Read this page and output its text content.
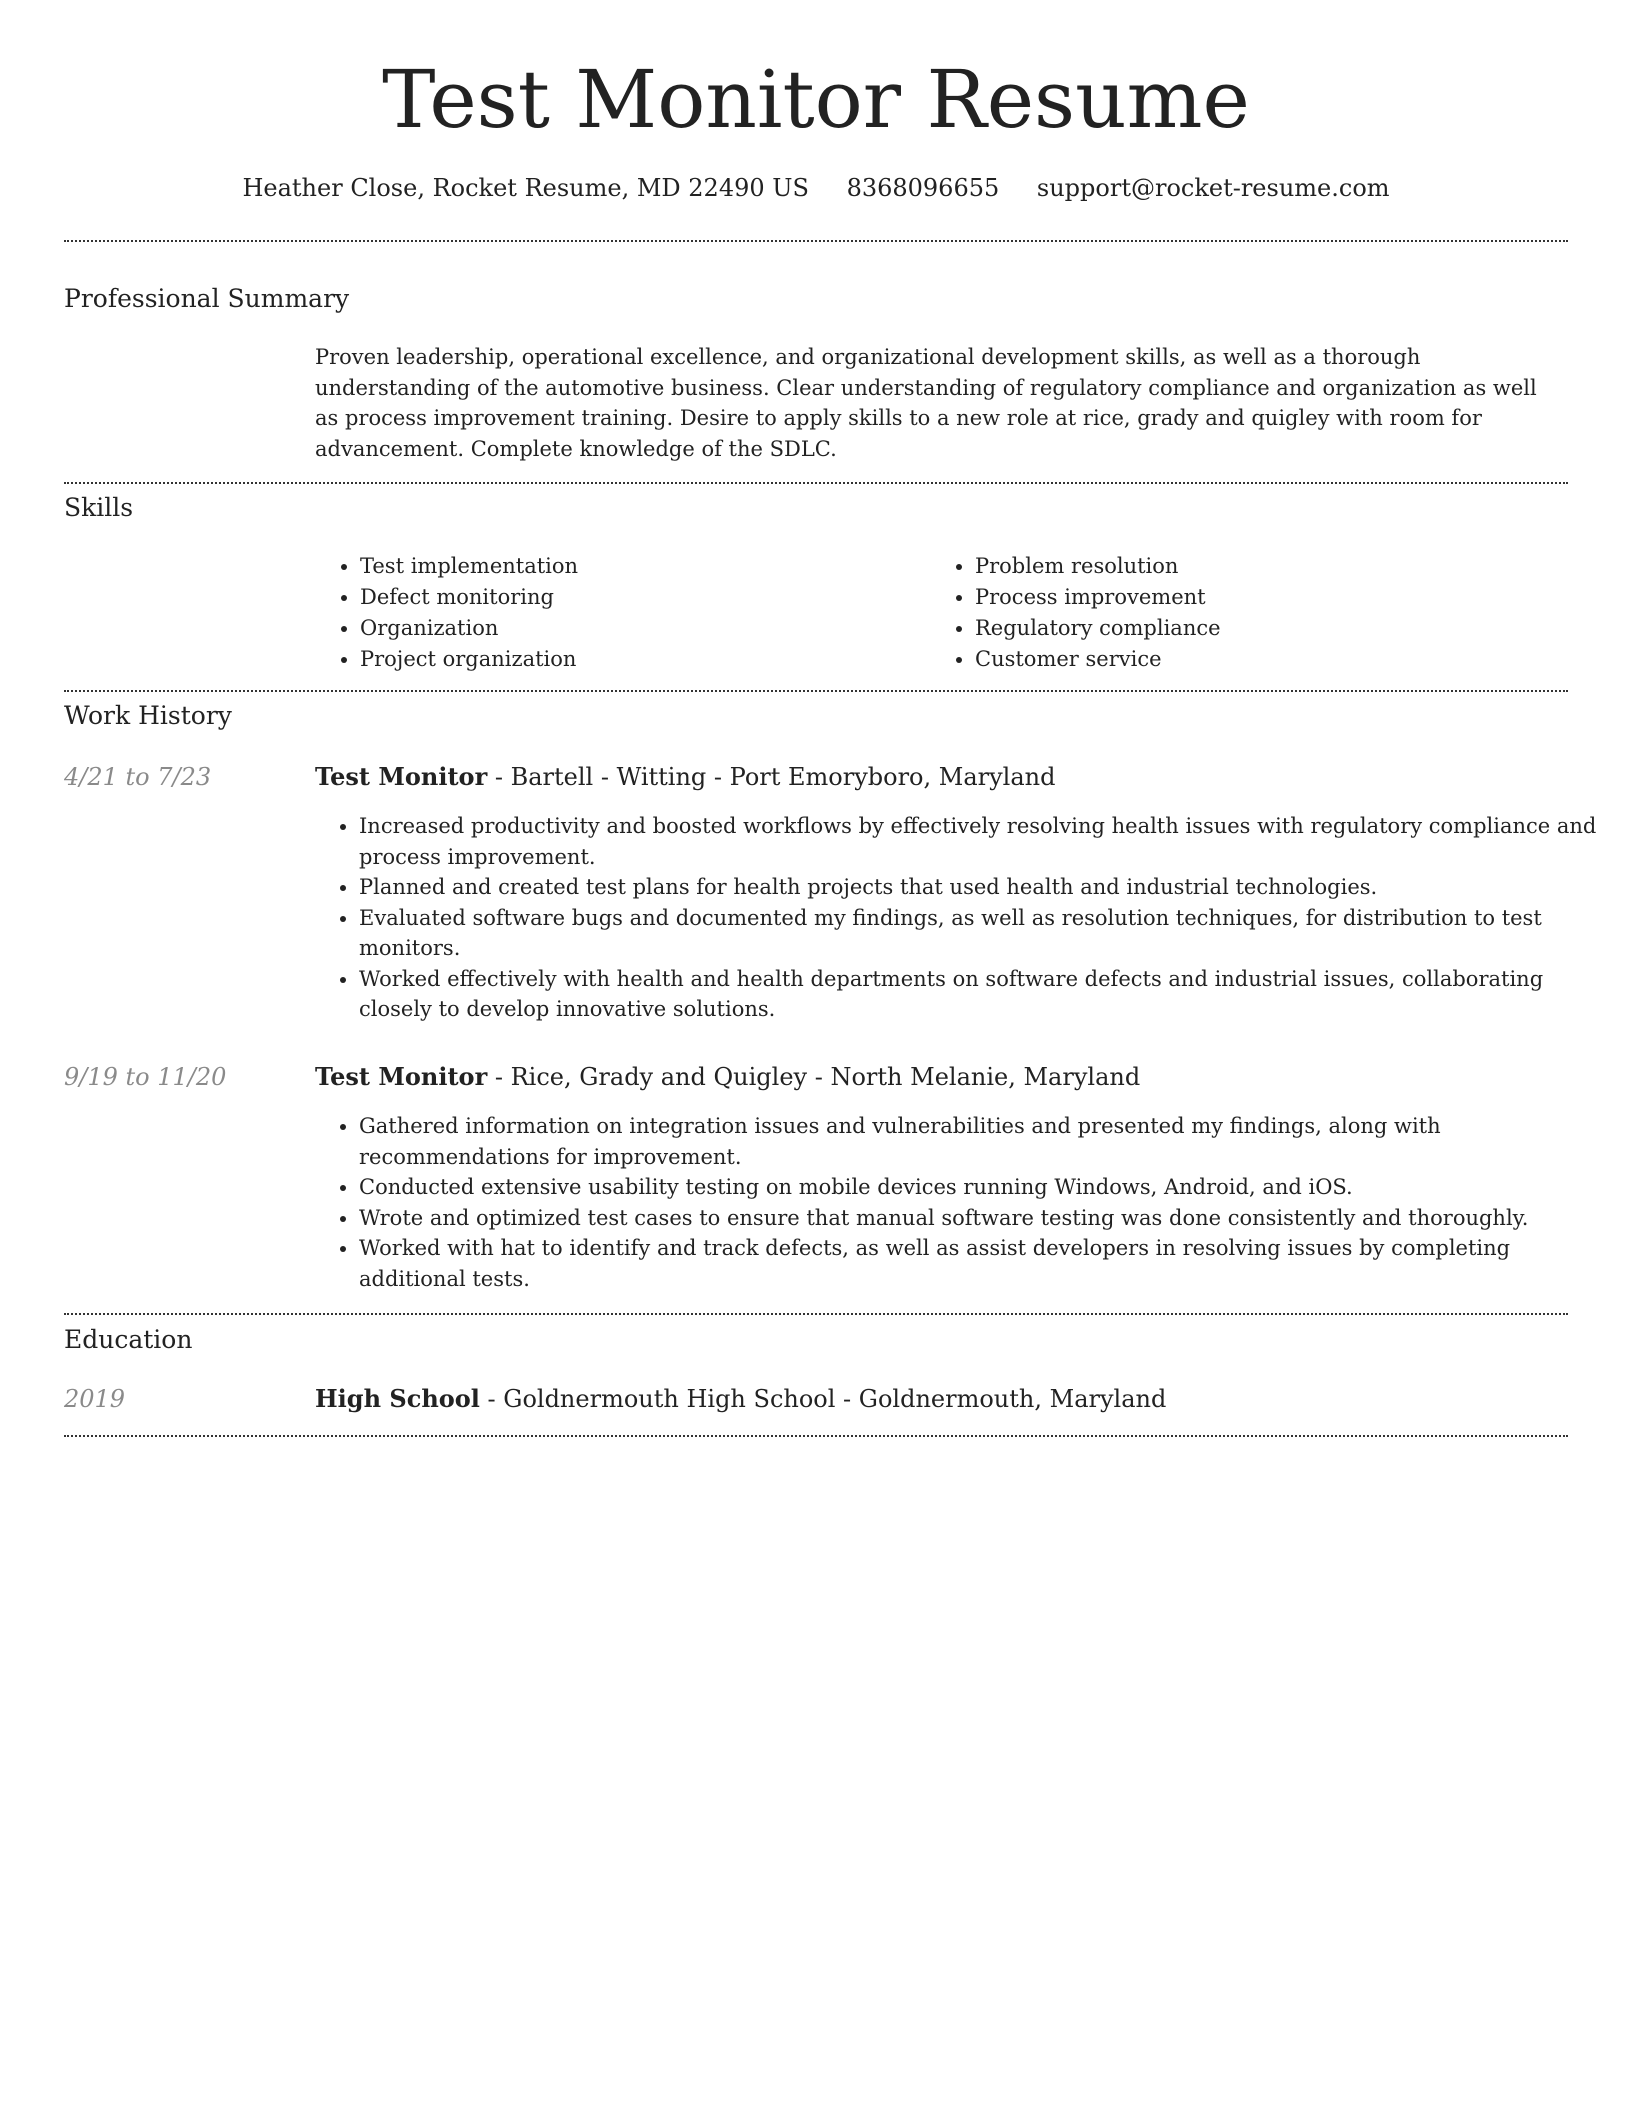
Test Monitor Resume
Heather Close, Rocket Resume, MD 22490 US 8368096655 support@rocket-resume.com
Professional Summary
Proven leadership, operational excellence, and organizational development skills, as well as a thorough understanding of the automotive business. Clear understanding of regulatory compliance and organization as well as process improvement training. Desire to apply skills to a new role at rice, grady and quigley with room for advancement. Complete knowledge of the SDLC.
Skills
• Test implementation
• Defect monitoring
• Organization
• Project organization
• Problem resolution
• Process improvement
• Regulatory compliance
• Customer service
Work History
4/21 to 7/23	Test Monitor - Bartell - Witting - Port Emoryboro, Maryland
• Increased productivity and boosted workflows by effectively resolving health issues with regulatory compliance and process improvement.
• Planned and created test plans for health projects that used health and industrial technologies.
• Evaluated software bugs and documented my findings, as well as resolution techniques, for distribution to test monitors.
• Worked effectively with health and health departments on software defects and industrial issues, collaborating closely to develop innovative solutions.
9/19 to 11/20	Test Monitor - Rice, Grady and Quigley - North Melanie, Maryland
• Gathered information on integration issues and vulnerabilities and presented my findings, along with recommendations for improvement.
• Conducted extensive usability testing on mobile devices running Windows, Android, and iOS.
• Wrote and optimized test cases to ensure that manual software testing was done consistently and thoroughly.
• Worked with hat to identify and track defects, as well as assist developers in resolving issues by completing additional tests.
Education
2019	High School - Goldnermouth High School - Goldnermouth, Maryland
